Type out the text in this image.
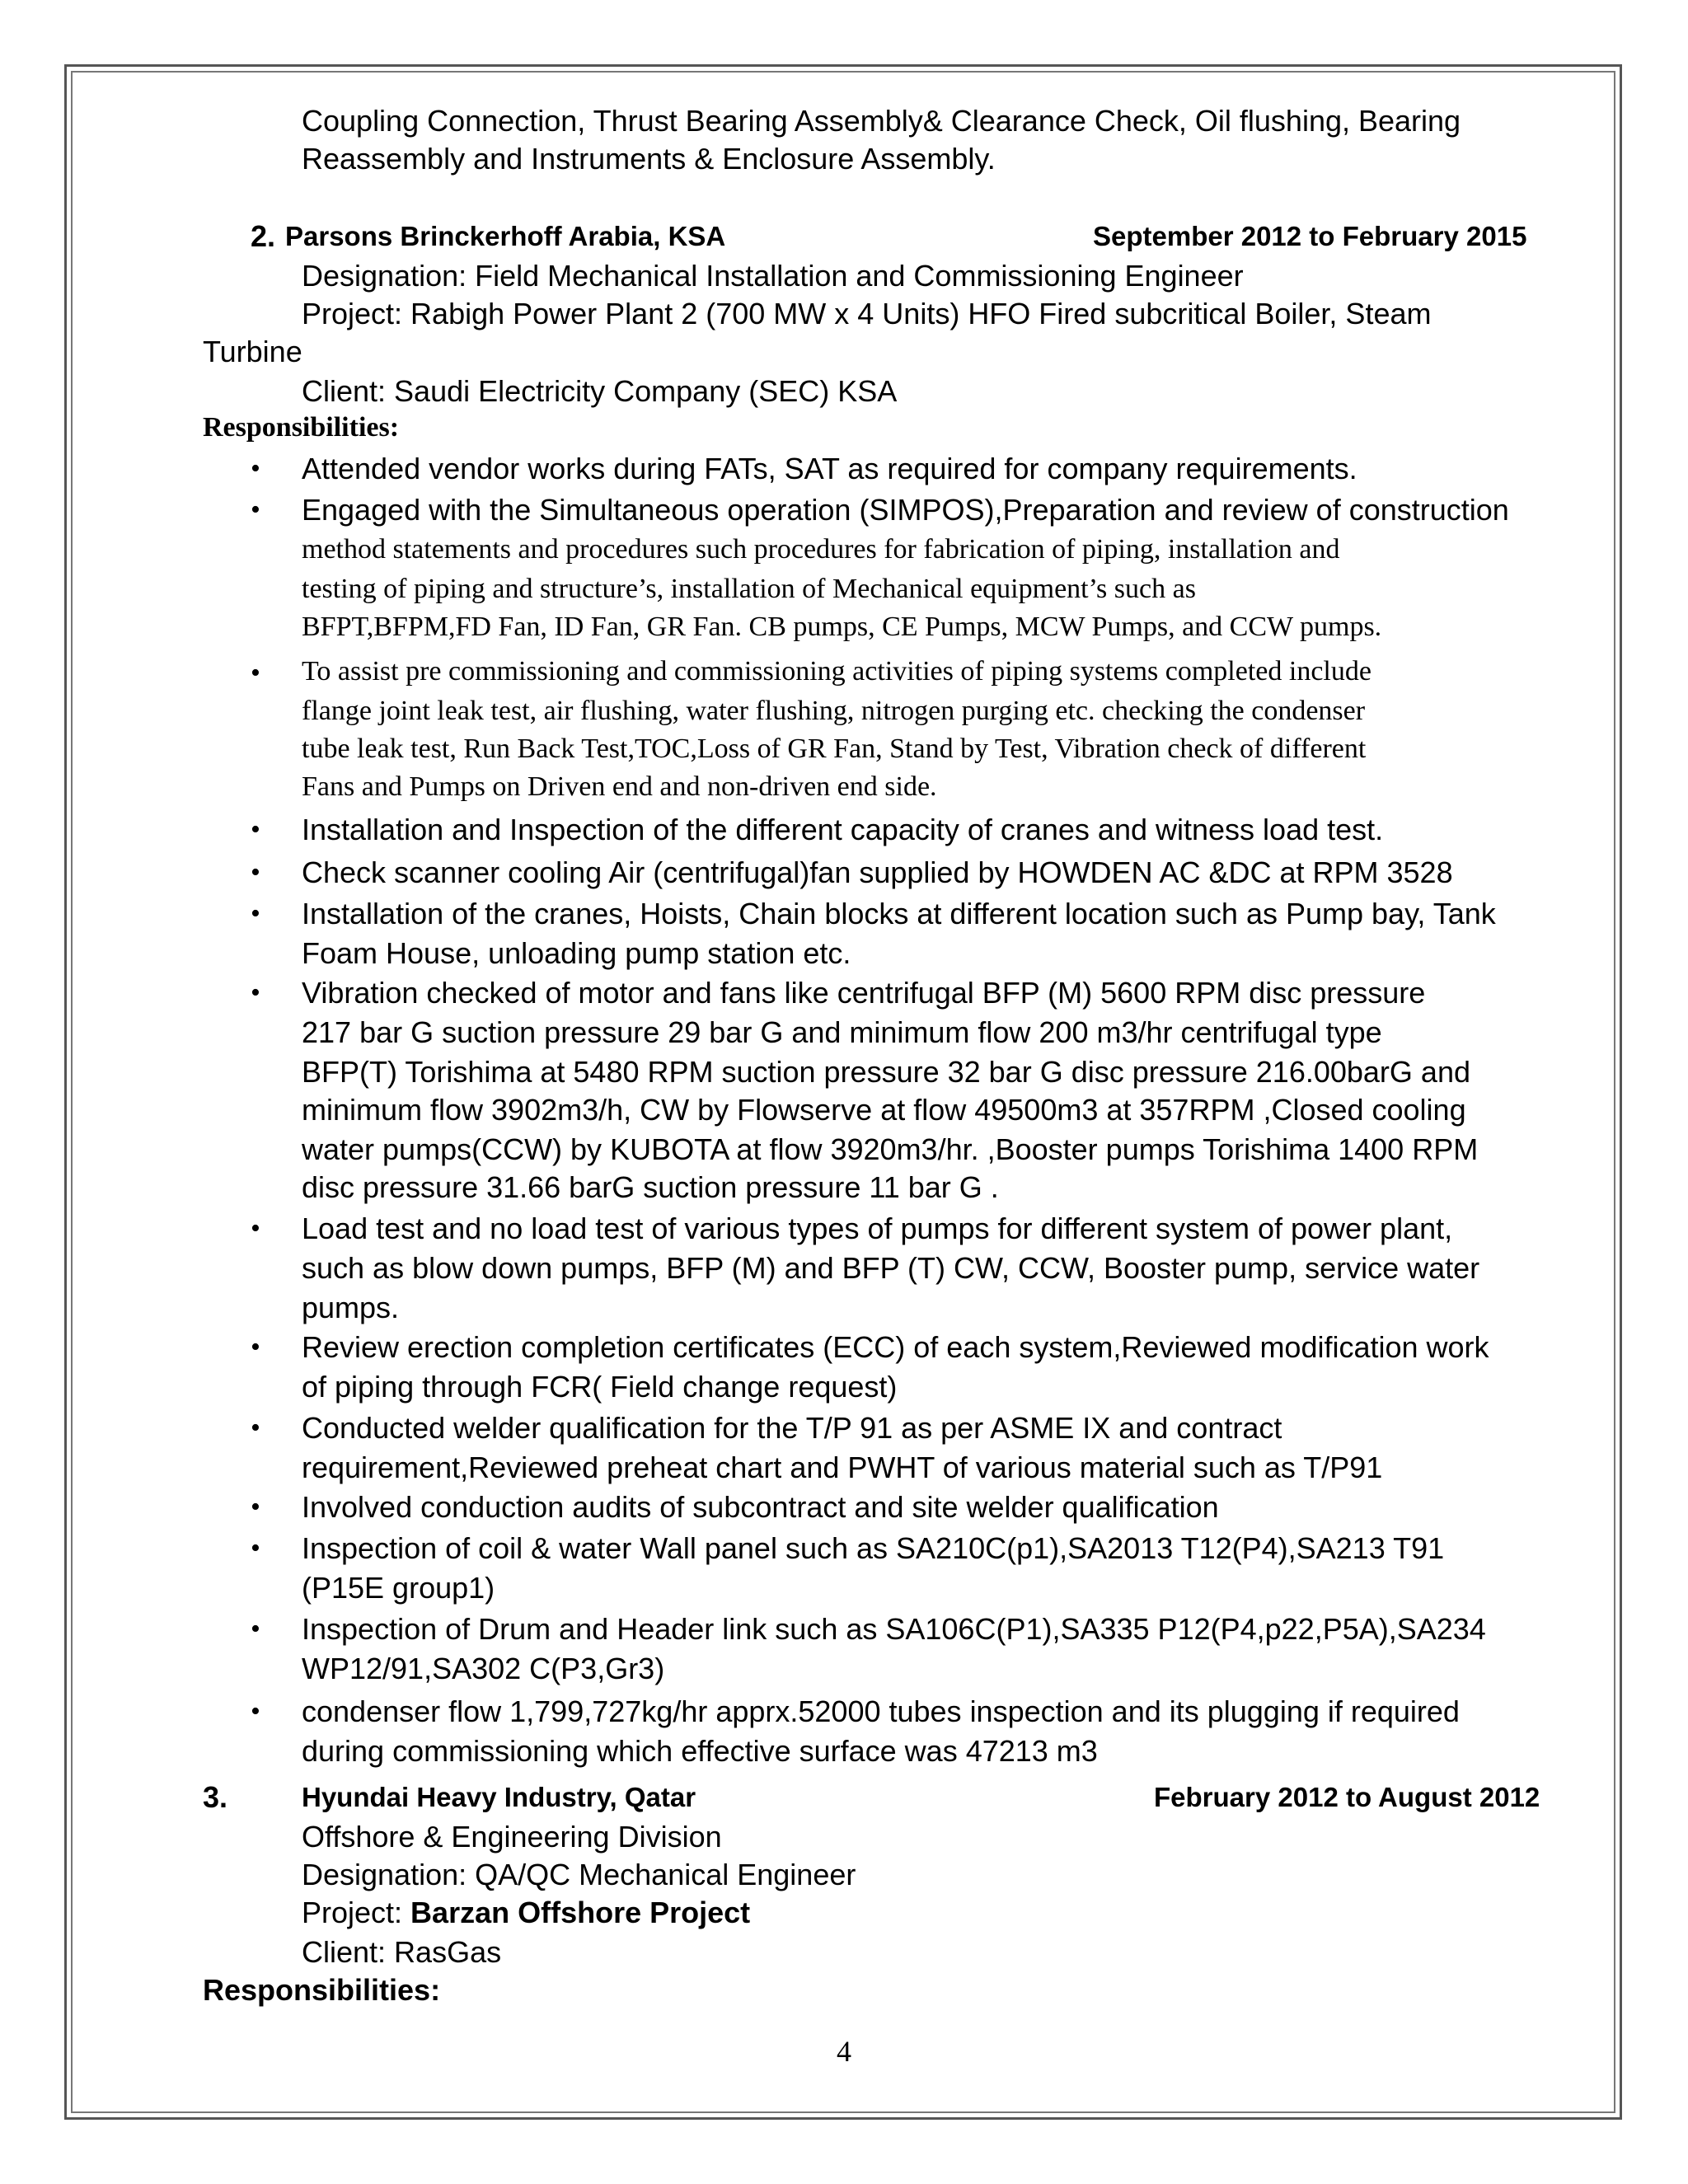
Coupling Connection, Thrust Bearing Assembly& Clearance Check, Oil flushing, Bearing
Reassembly and Instruments & Enclosure Assembly.
2. Parsons Brinckerhoff Arabia, KSA	September 2012 to February 2015
Designation: Field Mechanical Installation and Commissioning Engineer
Project: Rabigh Power Plant 2 (700 MW x 4 Units) HFO Fired subcritical Boiler, Steam
Turbine
Client: Saudi Electricity Company (SEC) KSA
Responsibilities:
• Attended vendor works during FATs, SAT as required for company requirements.
• Engaged with the Simultaneous operation (SIMPOS),Preparation and review of construction
method statements and procedures such procedures for fabrication of piping, installation and
testing of piping and structure’s, installation of Mechanical equipment’s such as
BFPT,BFPM,FD Fan, ID Fan, GR Fan. CB pumps, CE Pumps, MCW Pumps, and CCW pumps.
• To assist pre commissioning and commissioning activities of piping systems completed include
flange joint leak test, air flushing, water flushing, nitrogen purging etc. checking the condenser
tube leak test, Run Back Test,TOC,Loss of GR Fan, Stand by Test, Vibration check of different
Fans and Pumps on Driven end and non-driven end side.
• Installation and Inspection of the different capacity of cranes and witness load test.
• Check scanner cooling Air (centrifugal)fan supplied by HOWDEN AC &DC at RPM 3528
• Installation of the cranes, Hoists, Chain blocks at different location such as Pump bay, Tank
Foam House, unloading pump station etc.
• Vibration checked of motor and fans like centrifugal BFP (M) 5600 RPM disc pressure
217 bar G suction pressure 29 bar G and minimum flow 200 m3/hr centrifugal type
BFP(T) Torishima at 5480 RPM suction pressure 32 bar G disc pressure 216.00barG and
minimum flow 3902m3/h, CW by Flowserve at flow 49500m3 at 357RPM ,Closed cooling
water pumps(CCW) by KUBOTA at flow 3920m3/hr. ,Booster pumps Torishima 1400 RPM
disc pressure 31.66 barG suction pressure 11 bar G .
• Load test and no load test of various types of pumps for different system of power plant,
such as blow down pumps, BFP (M) and BFP (T) CW, CCW, Booster pump, service water
pumps.
• Review erection completion certificates (ECC) of each system,Reviewed modification work
of piping through FCR( Field change request)
• Conducted welder qualification for the T/P 91 as per ASME IX and contract
requirement,Reviewed preheat chart and PWHT of various material such as T/P91
• Involved conduction audits of subcontract and site welder qualification
• Inspection of coil & water Wall panel such as SA210C(p1),SA2013 T12(P4),SA213 T91
(P15E group1)
• Inspection of Drum and Header link such as SA106C(P1),SA335 P12(P4,p22,P5A),SA234
WP12/91,SA302 C(P3,Gr3)
• condenser flow 1,799,727kg/hr apprx.52000 tubes inspection and its plugging if required
during commissioning which effective surface was 47213 m3
3.	Hyundai Heavy Industry, Qatar	February 2012 to August 2012
Offshore & Engineering Division
Designation: QA/QC Mechanical Engineer
Project: Barzan Offshore Project
Client: RasGas
Responsibilities:
4
